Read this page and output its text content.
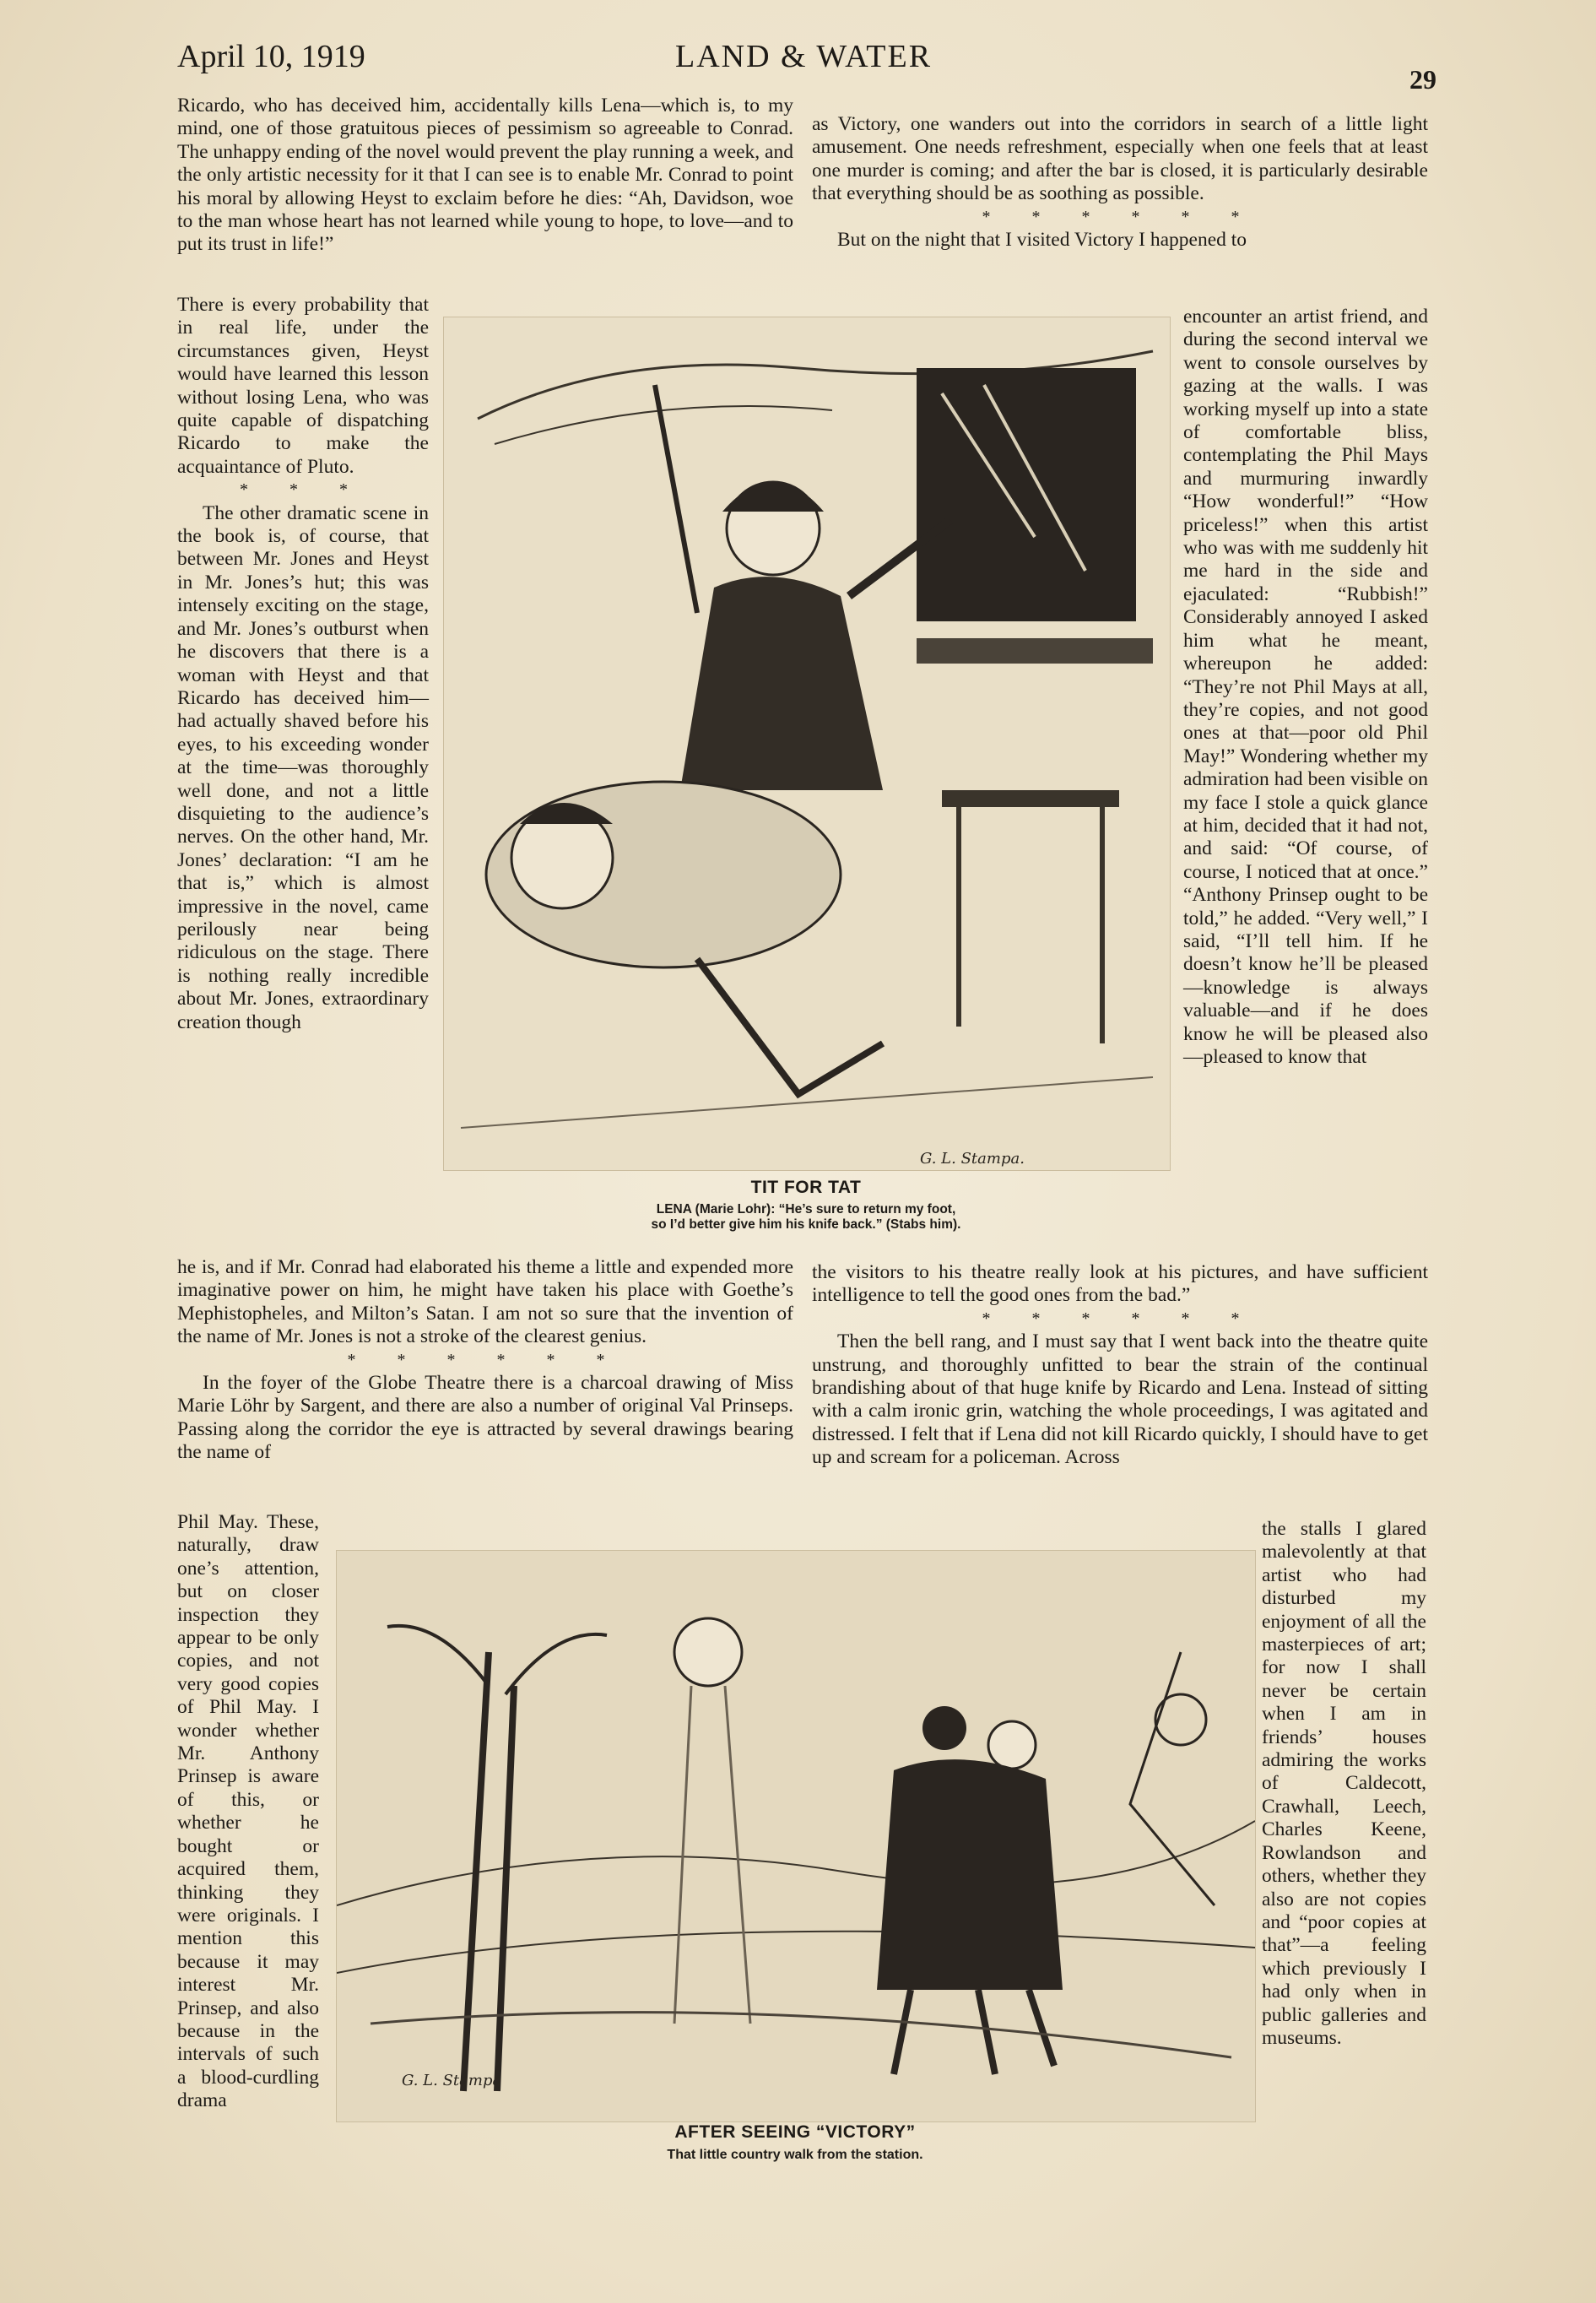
April 10, 1919	LAND & WATER
29
Ricardo, who has deceived him, accidentally kills Lena—which is, to my mind, one of those gratuitous pieces of pessimism so agreeable to Conrad. The unhappy ending of the novel would prevent the play running a week, and the only artistic necessity for it that I can see is to enable Mr. Conrad to point his moral by allowing Heyst to exclaim before he dies: “Ah, Davidson, woe to the man whose heart has not learned while young to hope, to love—and to put its trust in life!”

There is every probability that in real life, under the circumstances given, Heyst would have learned this lesson without losing Lena, who was quite capable of dispatching Ricardo to make the acquaintance of Pluto.

* * *

The other dramatic scene in the book is, of course, that between Mr. Jones and Heyst in Mr. Jones’s hut; this was intensely exciting on the stage, and Mr. Jones’s outburst when he discovers that there is a woman with Heyst and that Ricardo has deceived him—had actually shaved before his eyes, to his exceeding wonder at the time—was thoroughly well done, and not a little disquieting to the audience’s nerves. On the other hand, Mr. Jones’ declaration: “I am he that is,” which is almost impressive in the novel, came perilously near being ridiculous on the stage. There is nothing really incredible about Mr. Jones, extraordinary creation though

he is, and if Mr. Conrad had elaborated his theme a little and expended more imaginative power on him, he might have taken his place with Goethe’s Mephistopheles, and Milton’s Satan. I am not so sure that the invention of the name of Mr. Jones is not a stroke of the clearest genius.

* * * * * *

In the foyer of the Globe Theatre there is a charcoal drawing of Miss Marie Löhr by Sargent, and there are also a number of original Val Prinseps. Passing along the corridor the eye is attracted by several drawings bearing the name of

Phil May. These, naturally, draw one’s attention, but on closer inspection they appear to be only copies, and not very good copies of Phil May. I wonder whether Mr. Anthony Prinsep is aware of this, or whether he bought or acquired them, thinking they were originals. I mention this because it may interest Mr. Prinsep, and also because in the intervals of such a blood-curdling drama

as Victory, one wanders out into the corridors in search of a little light amusement. One needs refreshment, especially when one feels that at least one murder is coming; and after the bar is closed, it is particularly desirable that everything should be as soothing as possible.

* * * * * *

But on the night that I visited Victory I happened to

encounter an artist friend, and during the second interval we went to console ourselves by gazing at the walls. I was working myself up into a state of comfortable bliss, contemplating the Phil Mays and murmuring inwardly “How wonderful!” “How priceless!” when this artist who was with me suddenly hit me hard in the side and ejaculated: “Rubbish!” Considerably annoyed I asked him what he meant, whereupon he added: “They’re not Phil Mays at all, they’re copies, and not good ones at that—poor old Phil May!” Wondering whether my admiration had been visible on my face I stole a quick glance at him, decided that it had not, and said: “Of course, of course, I noticed that at once.” “Anthony Prinsep ought to be told,” he added. “Very well,” I said, “I’ll tell him. If he doesn’t know he’ll be pleased—knowledge is always valuable—and if he does know he will be pleased also—pleased to know that

the visitors to his theatre really look at his pictures, and have sufficient intelligence to tell the good ones from the bad.”

* * * * * *

Then the bell rang, and I must say that I went back into the theatre quite unstrung, and thoroughly unfitted to bear the strain of the continual brandishing about of that huge knife by Ricardo and Lena. Instead of sitting with a calm ironic grin, watching the whole proceedings, I was agitated and distressed. I felt that if Lena did not kill Ricardo quickly, I should have to get up and scream for a policeman. Across

the stalls I glared malevolently at that artist who had disturbed my enjoyment of all the masterpieces of art; for now I shall never be certain when I am in friends’ houses admiring the works of Caldecott, Crawhall, Leech, Charles Keene, Rowlandson and others, whether they also are not copies and “poor copies at that”—a feeling which previously I had only when in public galleries and museums.
G. L. Stampa.
TIT FOR TAT
LENA (Marie Lohr): “He’s sure to return my foot,
so I’d better give him his knife back.” (Stabs him).
G. L. Stampa
AFTER SEEING “VICTORY”
That little country walk from the station.
